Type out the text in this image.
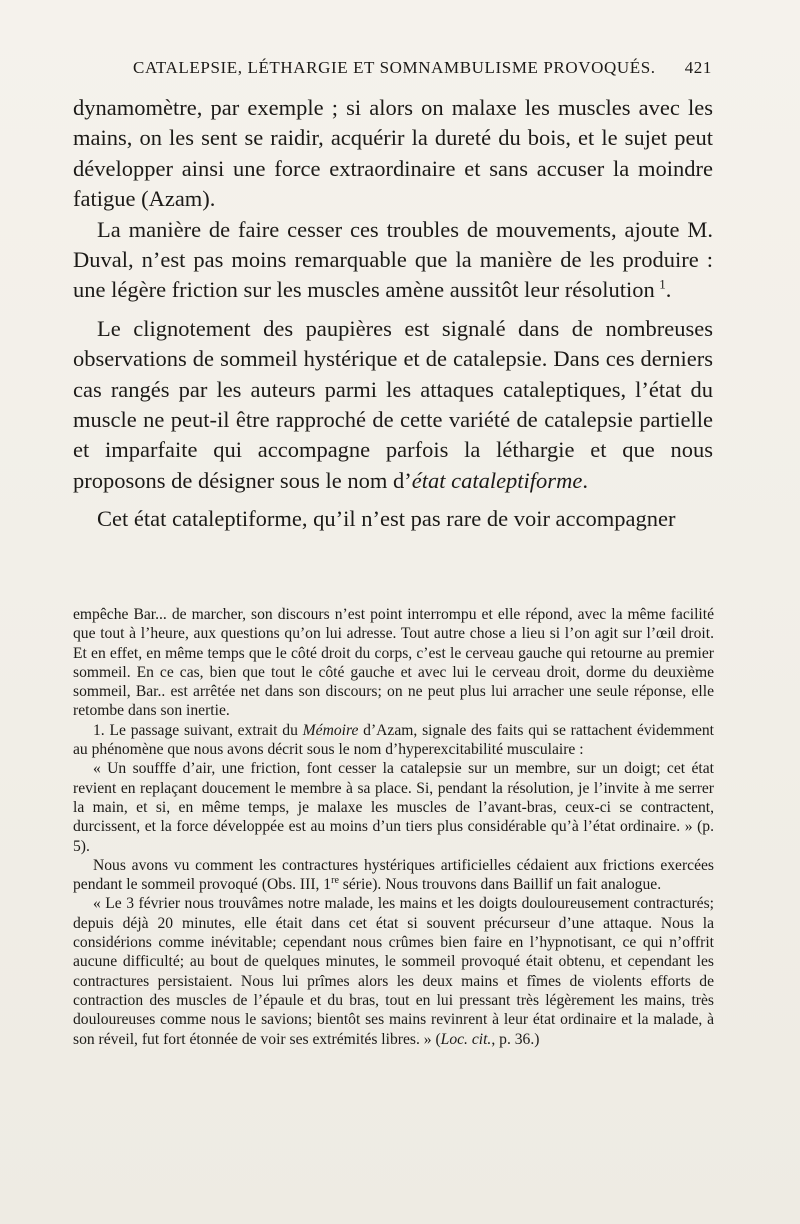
CATALEPSIE, LÉTHARGIE ET SOMNAMBULISME PROVOQUÉS. 421

dynamomètre, par exemple ; si alors on malaxe les muscles avec les mains, on les sent se raidir, acquérir la dureté du bois, et le sujet peut développer ainsi une force extraordinaire et sans accuser la moindre fatigue (Azam).

La manière de faire cesser ces troubles de mouvements, ajoute M. Duval, n’est pas moins remarquable que la manière de les produire : une légère friction sur les muscles amène aussitôt leur résolution  $^1$.

Le clignotement des paupières est signalé dans de nombreuses observations de sommeil hystérique et de catalepsie. Dans ces derniers cas rangés par les auteurs parmi les attaques cataleptiques, l’état du muscle ne peut-il être rapproché de cette variété de catalepsie partielle et imparfaite qui accompagne parfois la léthargie et que nous proposons de désigner sous le nom d’état cataleptiforme.

Cet état cataleptiforme, qu’il n’est pas rare de voir accompagner

empêche Bar... de marcher, son discours n’est point interrompu et elle répond, avec la même facilité que tout à l’heure, aux questions qu’on lui adresse. Tout autre chose a lieu si l’on agit sur l’œil droit. Et en effet, en même temps que le côté droit du corps, c’est le cerveau gauche qui retourne au premier sommeil. En ce cas, bien que tout le côté gauche et avec lui le cerveau droit, dorme du deuxième sommeil, Bar.. est arrêtée net dans son discours; on ne peut plus lui arracher une seule réponse, elle retombe dans son inertie.

1. Le passage suivant, extrait du Mémoire d’Azam, signale des faits qui se rattachent évidemment au phénomène que nous avons décrit sous le nom d’hyperexcitabilité musculaire :

« Un soufffe d’air, une friction, font cesser la catalepsie sur un membre, sur un doigt; cet état revient en replaçant doucement le membre à sa place. Si, pendant la résolution, je l’invite à me serrer la main, et si, en même temps, je malaxe les muscles de l’avant-bras, ceux-ci se contractent, durcissent, et la force développée est au moins d’un tiers plus considérable qu’à l’état ordinaire. » (p. 5).

Nous avons vu comment les contractures hystériques artificielles cédaient aux frictions exercées pendant le sommeil provoqué (Obs. III, 1re série). Nous trouvons dans Baillif un fait analogue.

« Le 3 février nous trouvâmes notre malade, les mains et les doigts douloureusement contracturés; depuis déjà 20 minutes, elle était dans cet état si souvent précurseur d’une attaque. Nous la considérions comme inévitable; cependant nous crûmes bien faire en l’hypnotisant, ce qui n’offrit aucune difficulté; au bout de quelques minutes, le sommeil provoqué était obtenu, et cependant les contractures persistaient. Nous lui prîmes alors les deux mains et fîmes de violents efforts de contraction des muscles de l’épaule et du bras, tout en lui pressant très légèrement les mains, très douloureuses comme nous le savions; bientôt ses mains revinrent à leur état ordinaire et la malade, à son réveil, fut fort étonnée de voir ses extrémités libres. » (Loc. cit., p. 36.)
